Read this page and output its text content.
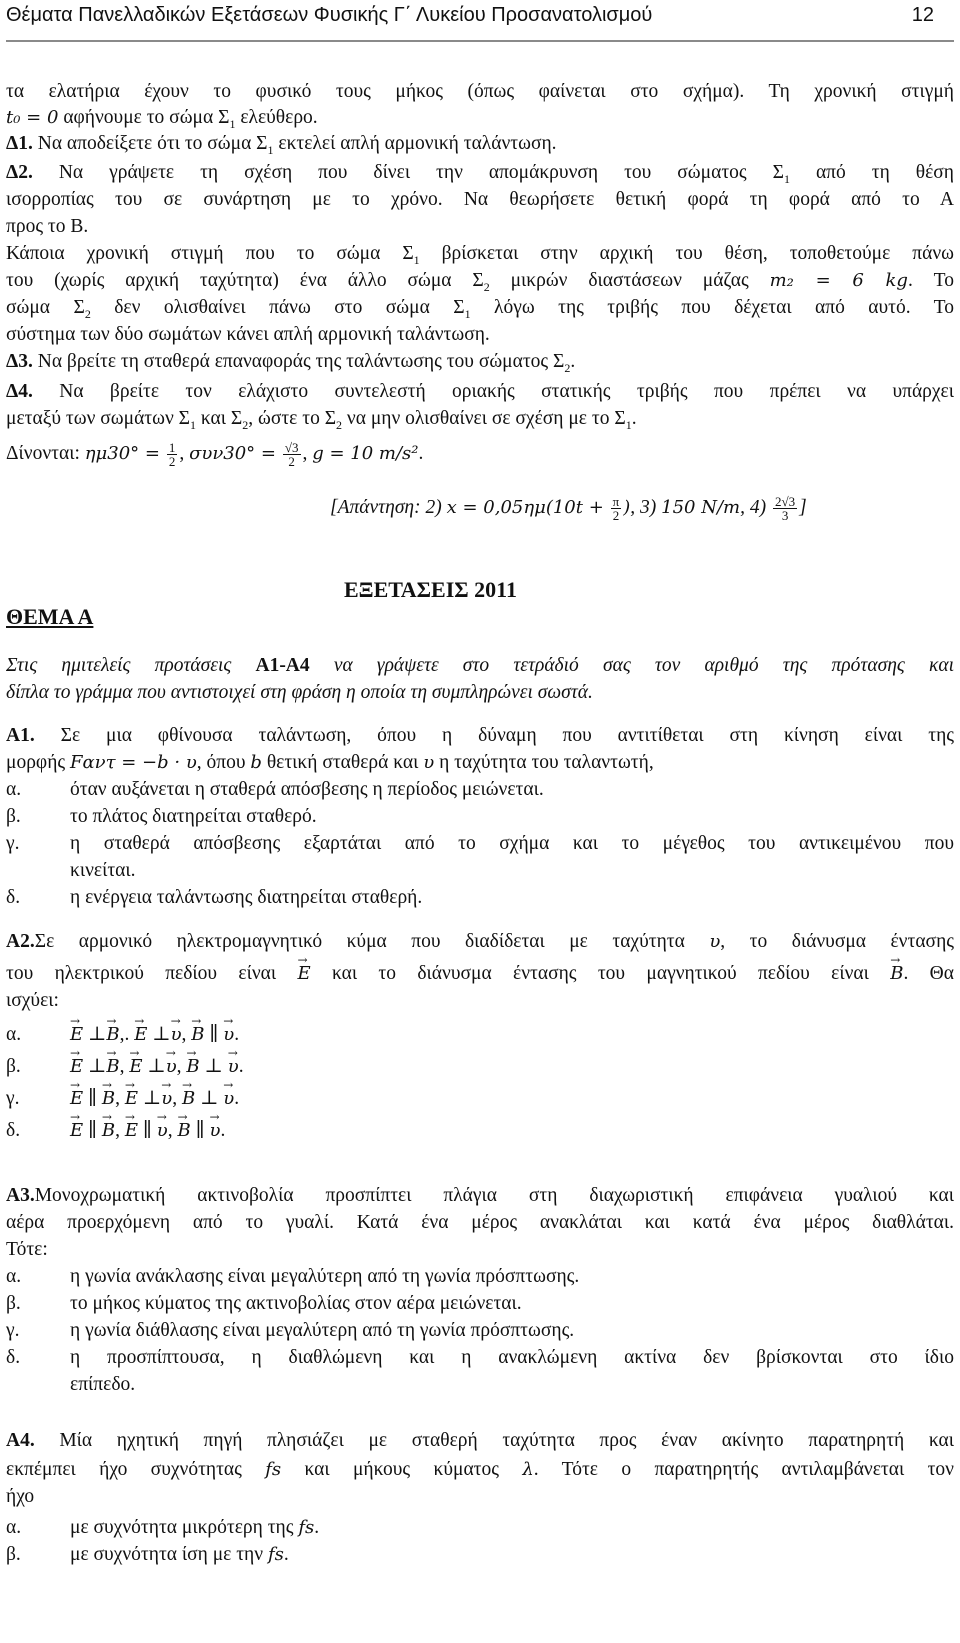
Θέματα Πανελλαδικών Εξετάσεων Φυσικής Γ΄ Λυκείου Προσανατολισμού	12
τα ελατήρια έχουν το φυσικό τους μήκος (όπως φαίνεται στο σχήμα). Τη χρονική στιγμή
t₀ = 0 αφήνουμε το σώμα $\Sigma_1$ ελεύθερο.
Δ1. Να αποδείξετε ότι το σώμα $\Sigma_1$ εκτελεί απλή αρμονική ταλάντωση.
Δ2. Να γράψετε τη σχέση που δίνει την απομάκρυνση του σώματος $\Sigma_1$ από τη θέση
ισορροπίας του σε συνάρτηση με το χρόνο. Να θεωρήσετε θετική φορά τη φορά από το Α
προς το Β.
Κάποια χρονική στιγμή που το σώμα $\Sigma_1$ βρίσκεται στην αρχική του θέση, τοποθετούμε πάνω
του (χωρίς αρχική ταχύτητα) ένα άλλο σώμα $\Sigma_2$ μικρών διαστάσεων μάζας m₂ = 6 kg. Το
σώμα $\Sigma_2$ δεν ολισθαίνει πάνω στο σώμα $\Sigma_1$ λόγω της τριβής που δέχεται από αυτό. Το
σύστημα των δύο σωμάτων κάνει απλή αρμονική ταλάντωση.
Δ3. Να βρείτε τη σταθερά επαναφοράς της ταλάντωσης του σώματος $\Sigma_2$.
Δ4. Να βρείτε τον ελάχιστο συντελεστή οριακής στατικής τριβής που πρέπει να υπάρχει
μεταξύ των σωμάτων $\Sigma_1$ και $\Sigma_2$, ώστε το $\Sigma_2$ να μην ολισθαίνει σε σχέση με το $\Sigma_1$.
Δίνονται: $\eta\mu 30^\circ = \frac{1}{2}$ , $\sigma\upsilon\nu 30^\circ = \frac{√3}{2}$ , g = 10 m/s².
[Απάντηση: 2) $x = 0,05\eta\mu(10t + \frac{\pi}{2}$ ), 3) 150 N/m, $4) \frac{2√3}{3}$ ]
ΕΞΕΤΑΣΕΙΣ 2011
ΘΕΜΑ Α
Στις ημιτελείς προτάσεις Α1-Α4 να γράψετε στο τετράδιό σας τον αριθμό της πρότασης και
δίπλα το γράμμα που αντιστοιχεί στη φράση η οποία τη συμπληρώνει σωστά.
Α1. Σε μια φθίνουσα ταλάντωση, όπου η δύναμη που αντιτίθεται στη κίνηση είναι της
μορφής Fαντ = −b · υ, όπου b θετική σταθερά και υ η ταχύτητα του ταλαντωτή,
α.	όταν αυξάνεται η σταθερά απόσβεσης η περίοδος μειώνεται.
β.	το πλάτος διατηρείται σταθερό.
γ.	η σταθερά απόσβεσης εξαρτάται από το σχήμα και το μέγεθος του αντικειμένου που
κινείται.
δ.	η ενέργεια ταλάντωσης διατηρείται σταθερή.
Α2.Σε αρμονικό ηλεκτρομαγνητικό κύμα που διαδίδεται με ταχύτητα υ, το διάνυσμα έντασης
του ηλεκτρικού πεδίου είναι → E και το διάνυσμα έντασης του μαγνητικού πεδίου είναι → B. Θα
ισχύει:
α.	→ E ⊥→ B,. → E ⊥→ υ, → B ∥ → υ.
β.	→ E ⊥→ B, → E ⊥→ υ, → B ⊥ → υ.
γ.	→ E ∥ → B, → E ⊥→ υ, → B ⊥ → υ.
δ.	→ E ∥ → B, → E ∥ → υ, → B ∥ → υ.
Α3.Μονοχρωματική ακτινοβολία προσπίπτει πλάγια στη διαχωριστική επιφάνεια γυαλιού και
αέρα προερχόμενη από το γυαλί. Κατά ένα μέρος ανακλάται και κατά ένα μέρος διαθλάται.
Τότε:
α.	η γωνία ανάκλασης είναι μεγαλύτερη από τη γωνία πρόσπτωσης.
β.	το μήκος κύματος της ακτινοβολίας στον αέρα μειώνεται.
γ.	η γωνία διάθλασης είναι μεγαλύτερη από τη γωνία πρόσπτωσης.
δ.	η προσπίπτουσα, η διαθλώμενη και η ανακλώμενη ακτίνα δεν βρίσκονται στο ίδιο
επίπεδο.
Α4. Μία ηχητική πηγή πλησιάζει με σταθερή ταχύτητα προς έναν ακίνητο παρατηρητή και
εκπέμπει ήχο συχνότητας fs και μήκους κύματος λ. Τότε ο παρατηρητής αντιλαμβάνεται τον
ήχο
α.	με συχνότητα μικρότερη της fs.
β.	με συχνότητα ίση με την fs.
